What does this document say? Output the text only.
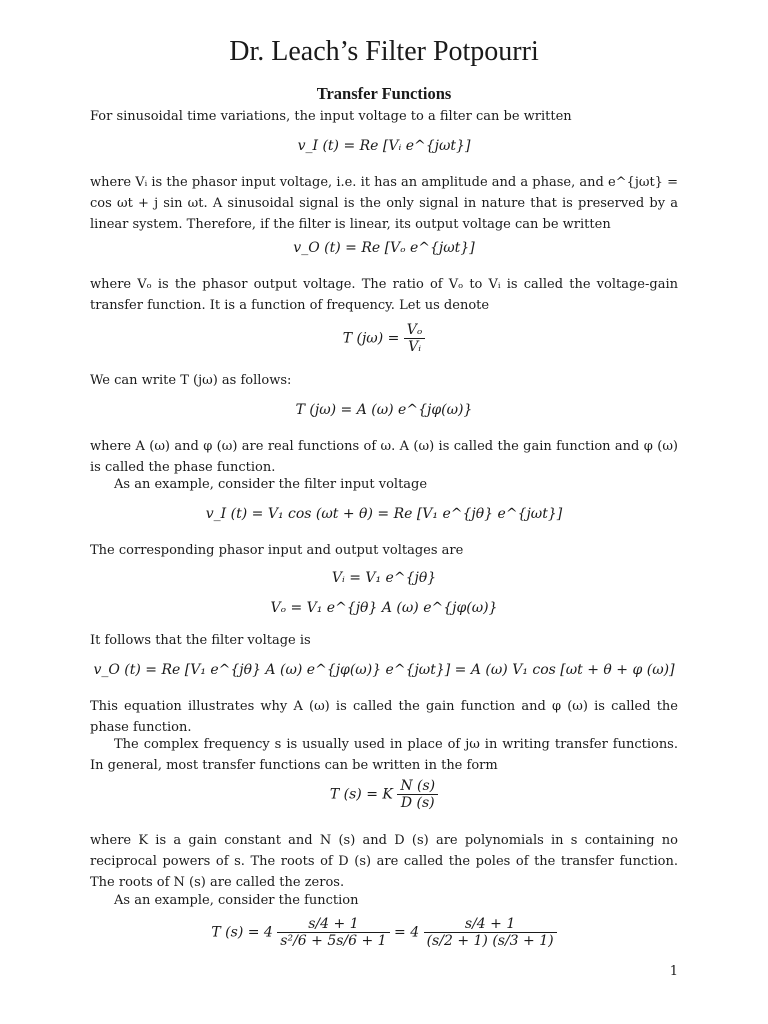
Dr. Leach’s Filter Potpourri
Transfer Functions
For sinusoidal time variations, the input voltage to a filter can be written
v_I (t) = Re [Vᵢ e^{jωt}]
where Vᵢ is the phasor input voltage, i.e. it has an amplitude and a phase, and e^{jωt} = cos ωt + j sin ωt. A sinusoidal signal is the only signal in nature that is preserved by a linear system. Therefore, if the filter is linear, its output voltage can be written
v_O (t) = Re [Vₒ e^{jωt}]
where Vₒ is the phasor output voltage. The ratio of Vₒ to Vᵢ is called the voltage-gain transfer function. It is a function of frequency. Let us denote
T $(j\omega) = \frac{\text{Vₒ}}{\text{Vᵢ}}$
We can write T (jω) as follows:
T (jω) = A (ω) e^{jφ(ω)}
where A (ω) and φ (ω) are real functions of ω. A (ω) is called the gain function and φ (ω) is called the phase function.
As an example, consider the filter input voltage
v_I (t) = V₁ cos (ωt + θ) = Re [V₁ e^{jθ} e^{jωt}]
The corresponding phasor input and output voltages are
Vᵢ = V₁ e^{jθ}
Vₒ = V₁ e^{jθ} A (ω) e^{jφ(ω)}
It follows that the filter voltage is
v_O (t) = Re [V₁ e^{jθ} A (ω) e^{jφ(ω)} e^{jωt}] = A (ω) V₁ cos [ωt + θ + φ (ω)]
This equation illustrates why A (ω) is called the gain function and φ (ω) is called the phase function.
The complex frequency s is usually used in place of jω in writing transfer functions. In general, most transfer functions can be written in the form
T (s) = K $\frac{N (s)}{D (s)}$
where K is a gain constant and N (s) and D (s) are polynomials in s containing no reciprocal powers of s. The roots of D (s) are called the poles of the transfer function. The roots of N (s) are called the zeros.
As an example, consider the function
T $(s) = 4 \frac{s/4 + 1}{\text{s²/6 + 5s/6 + 1}} = 4 \frac{s/4 + 1}{(s/2 + 1) (s/3 + 1)}$
1
